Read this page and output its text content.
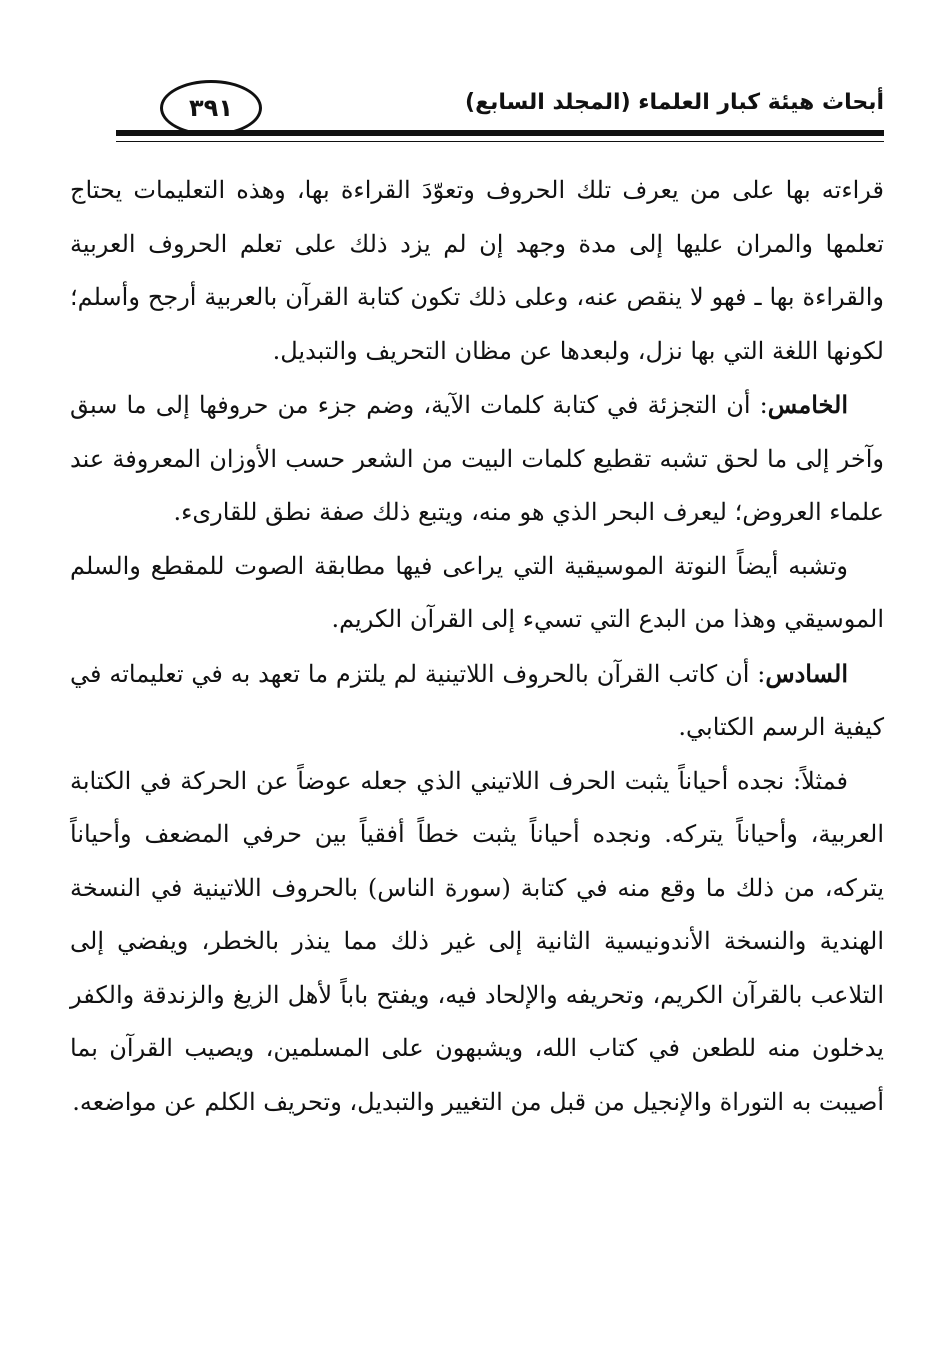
٣٩١	أبحاث هيئة كبار العلماء (المجلد السابع)

قراءته بها على من يعرف تلك الحروف وتعوّدَ القراءة بها، وهذه التعليمات يحتاج تعلمها والمران عليها إلى مدة وجهد إن لم يزد ذلك على تعلم الحروف العربية والقراءة بها ـ فهو لا ينقص عنه، وعلى ذلك تكون كتابة القرآن بالعربية أرجح وأسلم؛ لكونها اللغة التي بها نزل، ولبعدها عن مظان التحريف والتبديل.

الخامس: أن التجزئة في كتابة كلمات الآية، وضم جزء من حروفها إلى ما سبق وآخر إلى ما لحق تشبه تقطيع كلمات البيت من الشعر حسب الأوزان المعروفة عند علماء العروض؛ ليعرف البحر الذي هو منه، ويتبع ذلك صفة نطق للقارىء.

وتشبه أيضاً النوتة الموسيقية التي يراعى فيها مطابقة الصوت للمقطع والسلم الموسيقي وهذا من البدع التي تسيء إلى القرآن الكريم.

السادس: أن كاتب القرآن بالحروف اللاتينية لم يلتزم ما تعهد به في تعليماته في كيفية الرسم الكتابي.

فمثلاً: نجده أحياناً يثبت الحرف اللاتيني الذي جعله عوضاً عن الحركة في الكتابة العربية، وأحياناً يتركه. ونجده أحياناً يثبت خطاً أفقياً بين حرفي المضعف وأحياناً يتركه، من ذلك ما وقع منه في كتابة (سورة الناس) بالحروف اللاتينية في النسخة الهندية والنسخة الأندونيسية الثانية إلى غير ذلك مما ينذر بالخطر، ويفضي إلى التلاعب بالقرآن الكريم، وتحريفه والإلحاد فيه، ويفتح باباً لأهل الزيغ والزندقة والكفر يدخلون منه للطعن في كتاب الله، ويشبهون على المسلمين، ويصيب القرآن بما أصيبت به التوراة والإنجيل من قبل من التغيير والتبديل، وتحريف الكلم عن مواضعه.
